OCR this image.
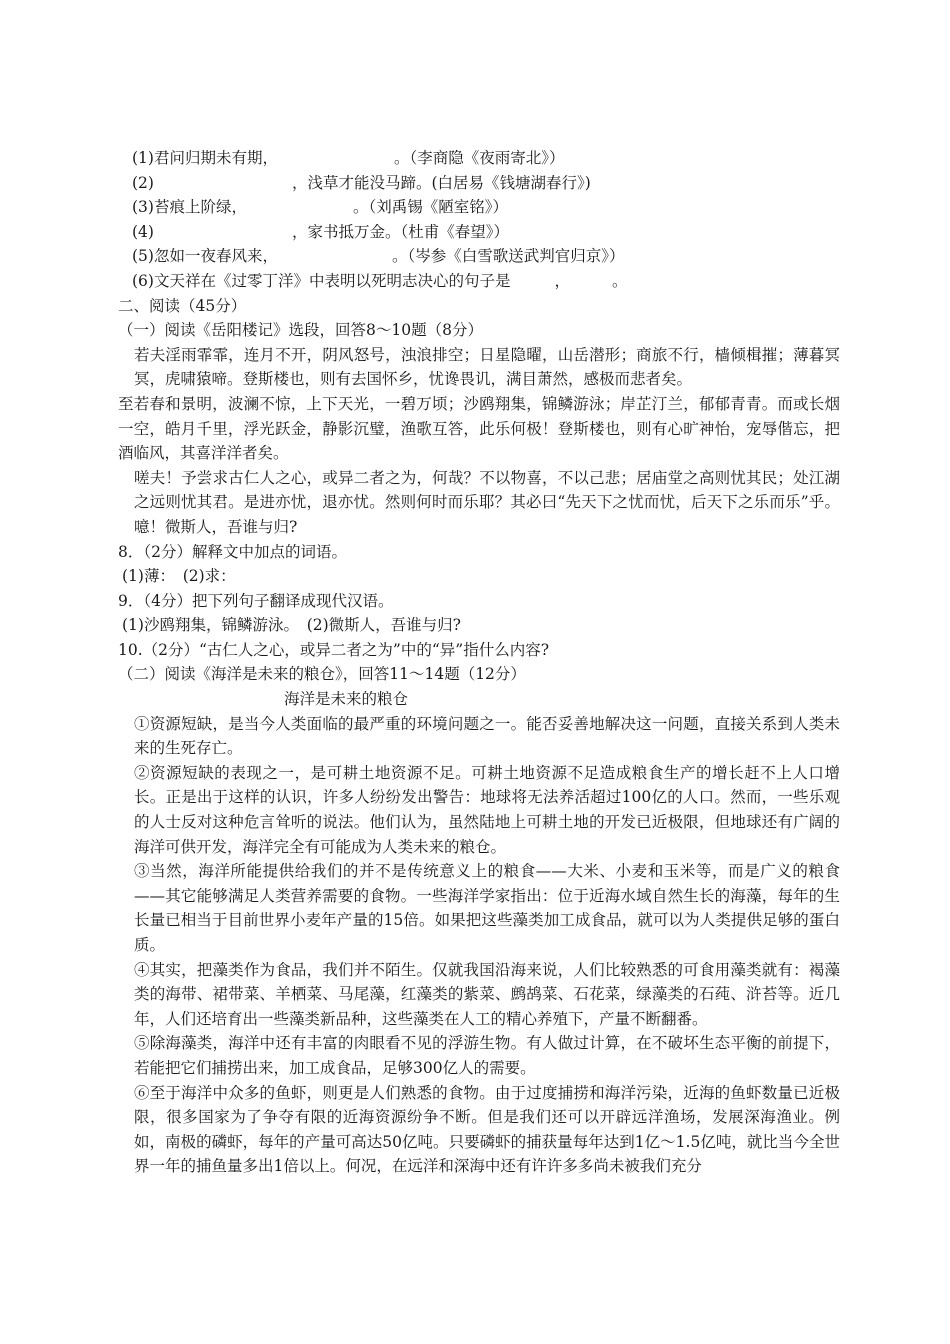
(1)君问归期未有期，	。（李商隐《夜雨寄北》）
(2)	，浅草才能没马蹄。(白居易《钱塘湖春行》)
(3)苔痕上阶绿，	。（刘禹锡《陋室铭》）
(4)	，家书抵万金。（杜甫《春望》）
(5)忽如一夜春风来，	。（岑参《白雪歌送武判官归京》）
(6)文天祥在《过零丁洋》中表明以死明志决心的句子是	，	。
二、阅读（45分）
（一）阅读《岳阳楼记》选段，回答8～10题（8分）

若夫淫雨霏霏，连月不开，阴风怒号，浊浪排空；日星隐曜，山岳潜形；商旅不行，樯倾楫摧；薄暮冥冥，虎啸猿啼。登斯楼也，则有去国怀乡，忧谗畏讥，满目萧然，感极而悲者矣。

至若春和景明，波澜不惊，上下天光，一碧万顷；沙鸥翔集，锦鳞游泳；岸芷汀兰，郁郁青青。而或长烟一空，皓月千里，浮光跃金，静影沉璧，渔歌互答，此乐何极！登斯楼也，则有心旷神怡，宠辱偕忘，把酒临风，其喜洋洋者矣。

嗟夫！予尝求古仁人之心，或异二者之为，何哉？不以物喜，不以己悲；居庙堂之高则忧其民；处江湖之远则忧其君。是进亦忧，退亦忧。然则何时而乐耶？其必曰“先天下之忧而忧，后天下之乐而乐”乎。噫！微斯人，吾谁与归?

8．（2分）解释文中加点的词语。
(1)薄：　(2)求：
9．（4分）把下列句子翻译成现代汉语。
(1)沙鸥翔集，锦鳞游泳。　(2)微斯人，吾谁与归?
10.（2分）“古仁人之心，或异二者之为”中的“异”指什么内容?
（二）阅读《海洋是未来的粮仓》，回答11～14题（12分）
海洋是未来的粮仓

①资源短缺，是当今人类面临的最严重的环境问题之一。能否妥善地解决这一问题，直接关系到人类未来的生死存亡。

②资源短缺的表现之一，是可耕土地资源不足。可耕土地资源不足造成粮食生产的增长赶不上人口增长。正是出于这样的认识，许多人纷纷发出警告：地球将无法养活超过100亿的人口。然而，一些乐观的人士反对这种危言耸听的说法。他们认为，虽然陆地上可耕土地的开发已近极限，但地球还有广阔的海洋可供开发，海洋完全有可能成为人类未来的粮仓。

③当然，海洋所能提供给我们的并不是传统意义上的粮食——大米、小麦和玉米等，而是广义的粮食——其它能够满足人类营养需要的食物。一些海洋学家指出：位于近海水域自然生长的海藻，每年的生长量已相当于目前世界小麦年产量的15倍。如果把这些藻类加工成食品，就可以为人类提供足够的蛋白质。

④其实，把藻类作为食品，我们并不陌生。仅就我国沿海来说，人们比较熟悉的可食用藻类就有：褐藻类的海带、裙带菜、羊栖菜、马尾藻，红藻类的紫菜、鹧鸪菜、石花菜，绿藻类的石莼、浒苔等。近几年，人们还培育出一些藻类新品种，这些藻类在人工的精心养殖下，产量不断翻番。

⑤除海藻类，海洋中还有丰富的肉眼看不见的浮游生物。有人做过计算，在不破坏生态平衡的前提下，若能把它们捕捞出来，加工成食品，足够300亿人的需要。

⑥至于海洋中众多的鱼虾，则更是人们熟悉的食物。由于过度捕捞和海洋污染，近海的鱼虾数量已近极限，很多国家为了争夺有限的近海资源纷争不断。但是我们还可以开辟远洋渔场，发展深海渔业。例如，南极的磷虾，每年的产量可高达50亿吨。只要磷虾的捕获量每年达到1亿～1.5亿吨，就比当今全世界一年的捕鱼量多出1倍以上。何况，在远洋和深海中还有许许多多尚未被我们充分
